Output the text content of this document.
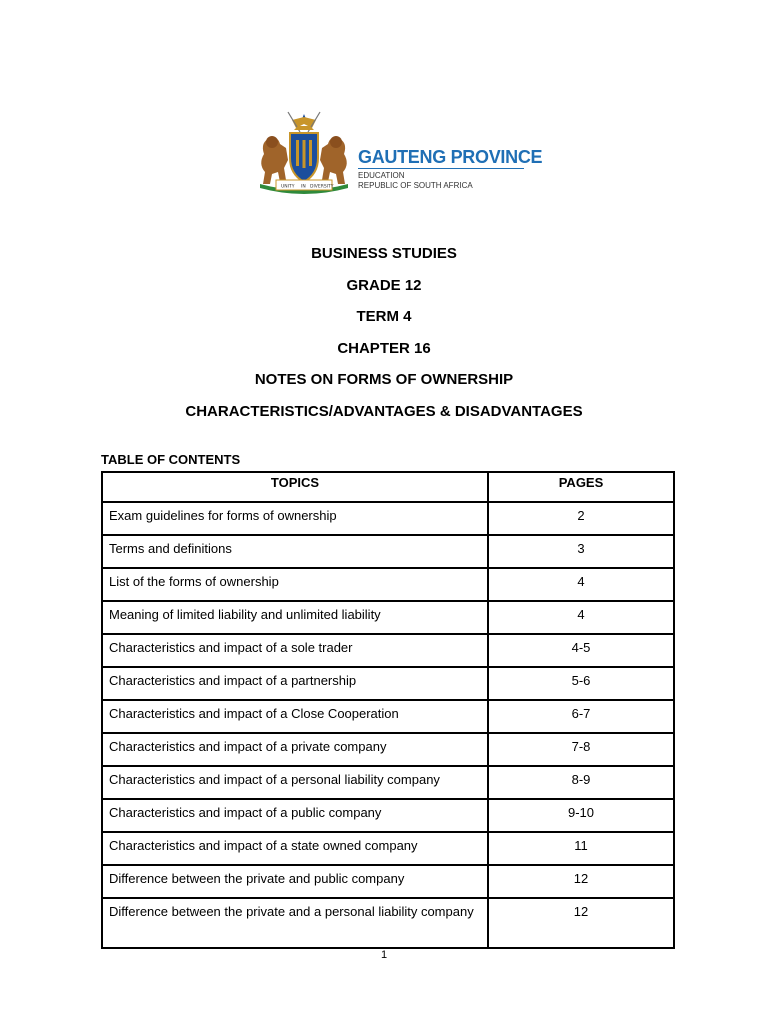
UNITY IN DIVERSITY
GAUTENG PROVINCE
EDUCATION
REPUBLIC OF SOUTH AFRICA
BUSINESS STUDIES
GRADE 12
TERM 4
CHAPTER 16
NOTES ON FORMS OF OWNERSHIP
CHARACTERISTICS/ADVANTAGES & DISADVANTAGES
TABLE OF CONTENTS
TOPICS	PAGES
Exam guidelines for forms of ownership	2
Terms and definitions	3
List of the forms of ownership	4
Meaning of limited liability and unlimited liability	4
Characteristics and impact of a sole trader	4-5
Characteristics and impact of a partnership	5-6
Characteristics and impact of a Close Cooperation	6-7
Characteristics and impact of a private company	7-8
Characteristics and impact of a personal liability company	8-9
Characteristics and impact of a public company	9-10
Characteristics and impact of a state owned company	11
Difference between the private and public company	12
Difference between the private and a personal liability company	12
1
